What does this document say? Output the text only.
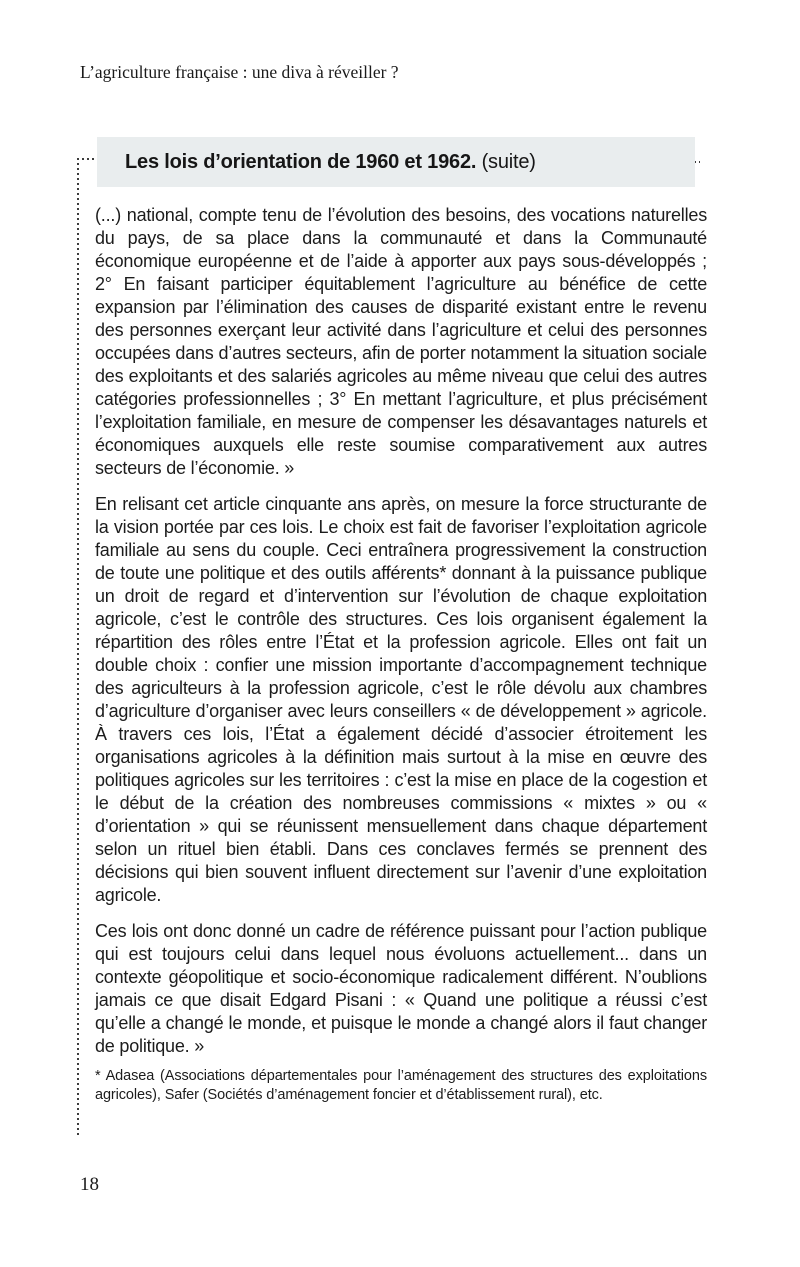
L’agriculture française : une diva à réveiller ?
Les lois d’orientation de 1960 et 1962. (suite)

(...) national, compte tenu de l’évolution des besoins, des vocations naturelles du pays, de sa place dans la communauté et dans la Communauté économique européenne et de l’aide à apporter aux pays sous-développés ; 2° En faisant participer équitablement l’agriculture au bénéfice de cette expansion par l’élimination des causes de disparité existant entre le revenu des personnes exerçant leur activité dans l’agriculture et celui des personnes occupées dans d’autres secteurs, afin de porter notamment la situation sociale des exploitants et des salariés agricoles au même niveau que celui des autres catégories professionnelles ; 3° En mettant l’agriculture, et plus précisément l’exploitation familiale, en mesure de compenser les désavantages naturels et économiques auxquels elle reste soumise comparativement aux autres secteurs de l’économie. »

En relisant cet article cinquante ans après, on mesure la force structurante de la vision portée par ces lois. Le choix est fait de favoriser l’exploitation agricole familiale au sens du couple. Ceci entraînera progressivement la construction de toute une politique et des outils afférents* donnant à la puissance publique un droit de regard et d’intervention sur l’évolution de chaque exploitation agricole, c’est le contrôle des structures. Ces lois organisent également la répartition des rôles entre l’État et la profession agricole. Elles ont fait un double choix : confier une mission importante d’accompagnement technique des agriculteurs à la profession agricole, c’est le rôle dévolu aux chambres d’agriculture d’organiser avec leurs conseillers « de développement » agricole. À travers ces lois, l’État a également décidé d’associer étroitement les organisations agricoles à la définition mais surtout à la mise en œuvre des politiques agricoles sur les territoires : c’est la mise en place de la cogestion et le début de la création des nombreuses commissions « mixtes » ou « d’orientation » qui se réunissent mensuellement dans chaque département selon un rituel bien établi. Dans ces conclaves fermés se prennent des décisions qui bien souvent influent directement sur l’avenir d’une exploitation agricole.

Ces lois ont donc donné un cadre de référence puissant pour l’action publique qui est toujours celui dans lequel nous évoluons actuellement... dans un contexte géopolitique et socio-économique radicalement différent. N’oublions jamais ce que disait Edgard Pisani : « Quand une politique a réussi c’est qu’elle a changé le monde, et puisque le monde a changé alors il faut changer de politique. »

* Adasea (Associations départementales pour l’aménagement des structures des exploitations agricoles), Safer (Sociétés d’aménagement foncier et d’établissement rural), etc.
18
